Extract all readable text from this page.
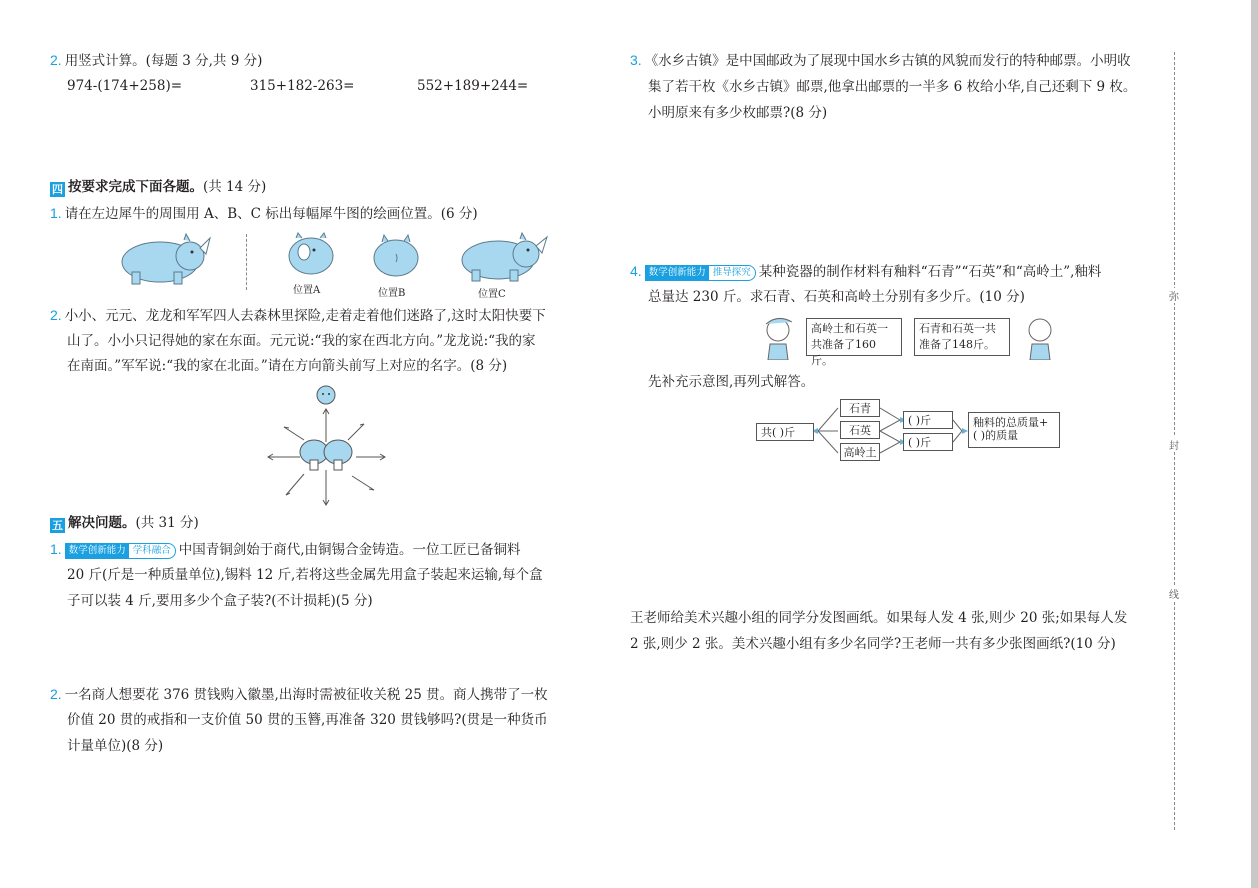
2. 用竖式计算。(每题 3 分,共 9 分)
974-(174+258)=	315+182-263=	552+189+244=
四 按要求完成下面各题。(共 14 分)
1. 请在左边犀牛的周围用 A、B、C 标出每幅犀牛图的绘画位置。(6 分)
位置A	位置B	位置C
2. 小小、元元、龙龙和军军四人去森林里探险,走着走着他们迷路了,这时太阳快要下
山了。小小只记得她的家在东面。元元说:“我的家在西北方向。”龙龙说:“我的家
在南面。”军军说:“我的家在北面。”请在方向箭头前写上对应的名字。(8 分)
五 解决问题。(共 31 分)
1. 数学创新能力 学科融合 中国青铜剑始于商代,由铜锡合金铸造。一位工匠已备铜料
20 斤(斤是一种质量单位),锡料 12 斤,若将这些金属先用盒子装起来运输,每个盒
子可以装 4 斤,要用多少个盒子装?(不计损耗)(5 分)
2. 一名商人想要花 376 贯钱购入徽墨,出海时需被征收关税 25 贯。商人携带了一枚
价值 20 贯的戒指和一支价值 50 贯的玉簪,再准备 320 贯钱够吗?(贯是一种货币
计量单位)(8 分)
3. 《水乡古镇》是中国邮政为了展现中国水乡古镇的风貌而发行的特种邮票。小明收
集了若干枚《水乡古镇》邮票,他拿出邮票的一半多 6 枚给小华,自己还剩下 9 枚。
小明原来有多少枚邮票?(8 分)
4. 数学创新能力 推导探究 某种瓷器的制作材料有釉料“石青”“石英”和“高岭土”,釉料
总量达 230 斤。求石青、石英和高岭土分别有多少斤。(10 分)
高岭土和石英一
共准备了160斤。
石青和石英一共
准备了148斤。
先补充示意图,再列式解答。
共( )斤
石青
石英
高岭土
( )斤
( )斤
釉料的总质量+
( )的质量
王老师给美术兴趣小组的同学分发图画纸。如果每人发 4 张,则少 20 张;如果每人发
2 张,则少 2 张。美术兴趣小组有多少名同学?王老师一共有多少张图画纸?(10 分)
弥
封
线
